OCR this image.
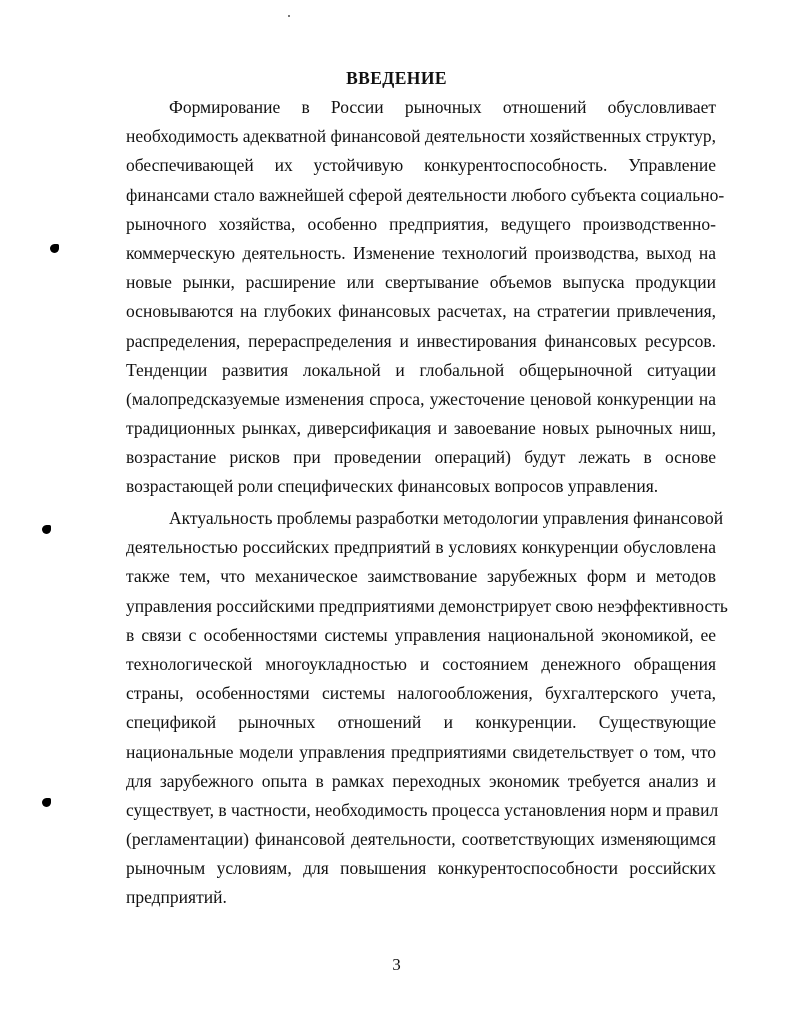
ВВЕДЕНИЕ
Формирование в России рыночных отношений обусловливает
необходимость адекватной финансовой деятельности хозяйственных структур,
обеспечивающей их устойчивую конкурентоспособность. Управление
финансами стало важнейшей сферой деятельности любого субъекта социально-
рыночного хозяйства, особенно предприятия, ведущего производственно-
коммерческую деятельность. Изменение технологий производства, выход на
новые рынки, расширение или свертывание объемов выпуска продукции
основываются на глубоких финансовых расчетах, на стратегии привлечения,
распределения, перераспределения и инвестирования финансовых ресурсов.
Тенденции развития локальной и глобальной общерыночной ситуации
(малопредсказуемые изменения спроса, ужесточение ценовой конкуренции на
традиционных рынках, диверсификация и завоевание новых рыночных ниш,
возрастание рисков при проведении операций) будут лежать в основе
возрастающей роли специфических финансовых вопросов управления.
Актуальность проблемы разработки методологии управления финансовой
деятельностью российских предприятий в условиях конкуренции обусловлена
также тем, что механическое заимствование зарубежных форм и методов
управления российскими предприятиями демонстрирует свою неэффективность
в связи с особенностями системы управления национальной экономикой, ее
технологической многоукладностью и состоянием денежного обращения
страны, особенностями системы налогообложения, бухгалтерского учета,
спецификой рыночных отношений и конкуренции. Существующие
национальные модели управления предприятиями свидетельствует о том, что
для зарубежного опыта в рамках переходных экономик требуется анализ и
существует, в частности, необходимость процесса установления норм и правил
(регламентации) финансовой деятельности, соответствующих изменяющимся
рыночным условиям, для повышения конкурентоспособности российских
предприятий.

3
